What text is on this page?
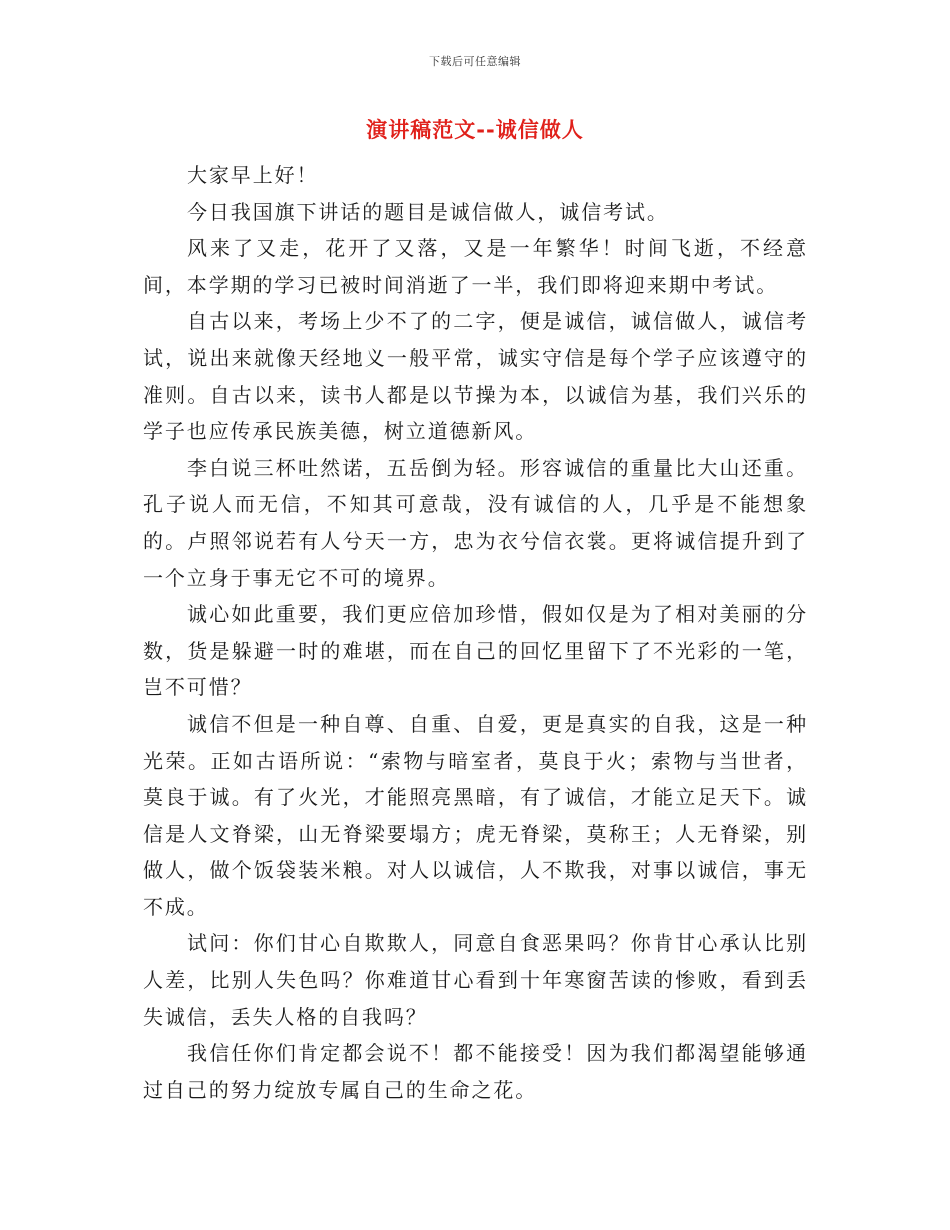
下载后可任意编辑
演讲稿范文--诚信做人

大家早上好！

今日我国旗下讲话的题目是诚信做人，诚信考试。

风来了又走，花开了又落，又是一年繁华！时间飞逝，不经意间，本学期的学习已被时间消逝了一半，我们即将迎来期中考试。

自古以来，考场上少不了的二字，便是诚信，诚信做人，诚信考试，说出来就像天经地义一般平常，诚实守信是每个学子应该遵守的准则。自古以来，读书人都是以节操为本，以诚信为基，我们兴乐的学子也应传承民族美德，树立道德新风。

李白说三杯吐然诺，五岳倒为轻。形容诚信的重量比大山还重。孔子说人而无信，不知其可意哉，没有诚信的人，几乎是不能想象的。卢照邻说若有人兮天一方，忠为衣兮信衣裳。更将诚信提升到了一个立身于事无它不可的境界。

诚心如此重要，我们更应倍加珍惜，假如仅是为了相对美丽的分数，货是躲避一时的难堪，而在自己的回忆里留下了不光彩的一笔，岂不可惜？

诚信不但是一种自尊、自重、自爱，更是真实的自我，这是一种光荣。正如古语所说：“索物与暗室者，莫良于火；索物与当世者，莫良于诚。有了火光，才能照亮黑暗，有了诚信，才能立足天下。诚信是人文脊梁，山无脊梁要塌方；虎无脊梁，莫称王；人无脊梁，别做人，做个饭袋装米粮。对人以诚信，人不欺我，对事以诚信，事无不成。

试问：你们甘心自欺欺人，同意自食恶果吗？你肯甘心承认比别人差，比别人失色吗？你难道甘心看到十年寒窗苦读的惨败，看到丢失诚信，丢失人格的自我吗？

我信任你们肯定都会说不！都不能接受！因为我们都渴望能够通过自己的努力绽放专属自己的生命之花。
